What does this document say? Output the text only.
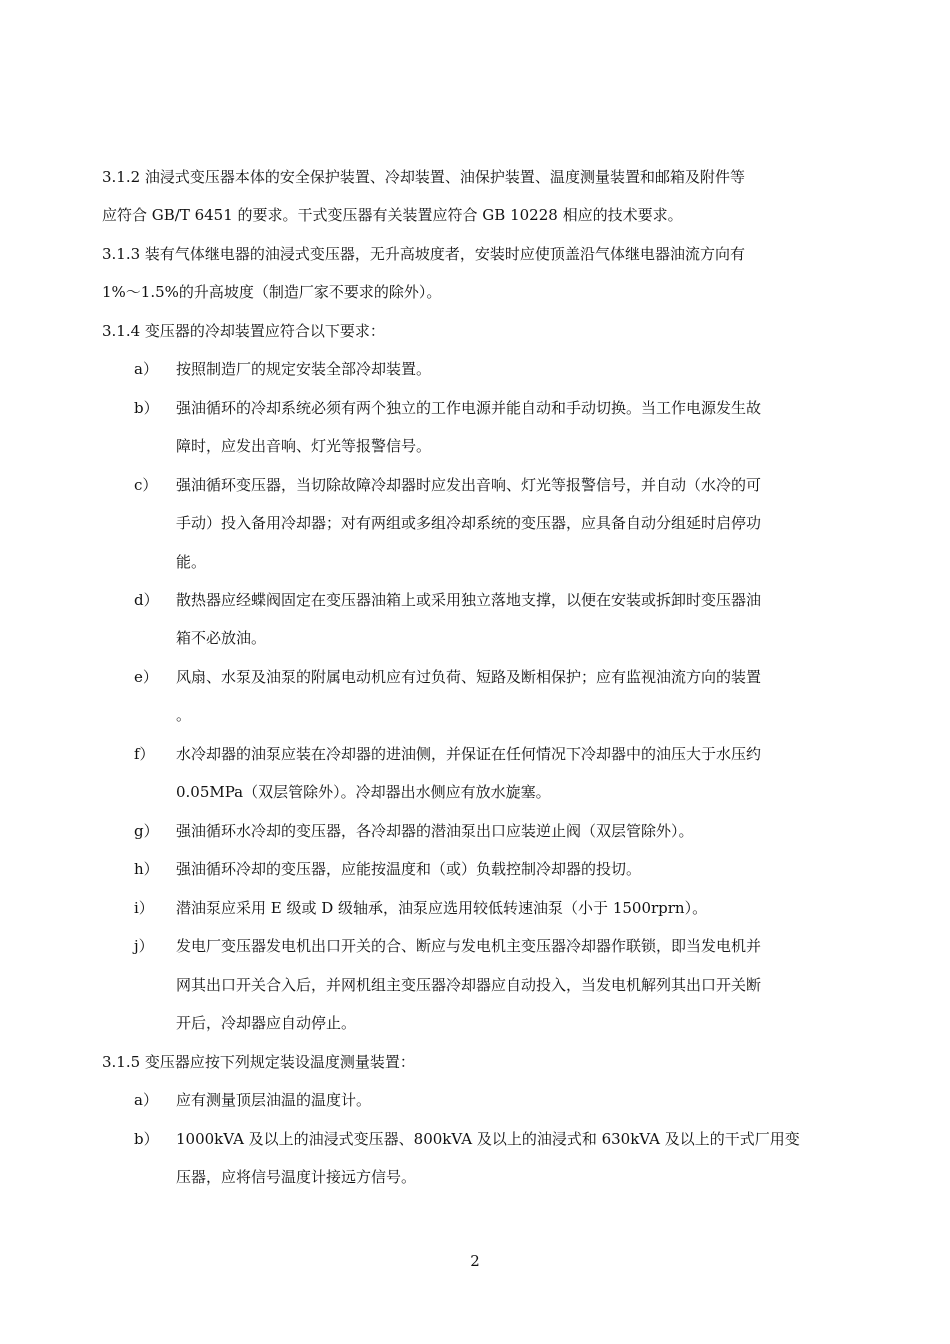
3.1.2 油浸式变压器本体的安全保护装置、冷却装置、油保护装置、温度测量装置和邮箱及附件等
应符合 GB/T 6451 的要求。干式变压器有关装置应符合 GB 10228 相应的技术要求。
3.1.3 装有气体继电器的油浸式变压器，无升高坡度者，安装时应使顶盖沿气体继电器油流方向有
1%～1.5%的升高坡度（制造厂家不要求的除外）。
3.1.4 变压器的冷却装置应符合以下要求：
a） 按照制造厂的规定安装全部冷却装置。
b） 强油循环的冷却系统必须有两个独立的工作电源并能自动和手动切换。当工作电源发生故
障时，应发出音响、灯光等报警信号。
c） 强油循环变压器，当切除故障冷却器时应发出音响、灯光等报警信号，并自动（水冷的可
手动）投入备用冷却器；对有两组或多组冷却系统的变压器，应具备自动分组延时启停功
能。
d） 散热器应经蝶阀固定在变压器油箱上或采用独立落地支撑，以便在安装或拆卸时变压器油
箱不必放油。
e） 风扇、水泵及油泵的附属电动机应有过负荷、短路及断相保护；应有监视油流方向的装置
。
f） 水冷却器的油泵应装在冷却器的进油侧，并保证在任何情况下冷却器中的油压大于水压约
0.05MPa（双层管除外）。冷却器出水侧应有放水旋塞。
g） 强油循环水冷却的变压器，各冷却器的潜油泵出口应装逆止阀（双层管除外）。
h） 强油循环冷却的变压器，应能按温度和（或）负载控制冷却器的投切。
i） 潜油泵应采用 E 级或 D 级轴承，油泵应选用较低转速油泵（小于 1500rprn）。
j） 发电厂变压器发电机出口开关的合、断应与发电机主变压器冷却器作联锁，即当发电机并
网其出口开关合入后，并网机组主变压器冷却器应自动投入，当发电机解列其出口开关断
开后，冷却器应自动停止。
3.1.5 变压器应按下列规定装设温度测量装置：
a） 应有测量顶层油温的温度计。
b） 1000kVA 及以上的油浸式变压器、800kVA 及以上的油浸式和 630kVA 及以上的干式厂用变
压器，应将信号温度计接远方信号。
2
